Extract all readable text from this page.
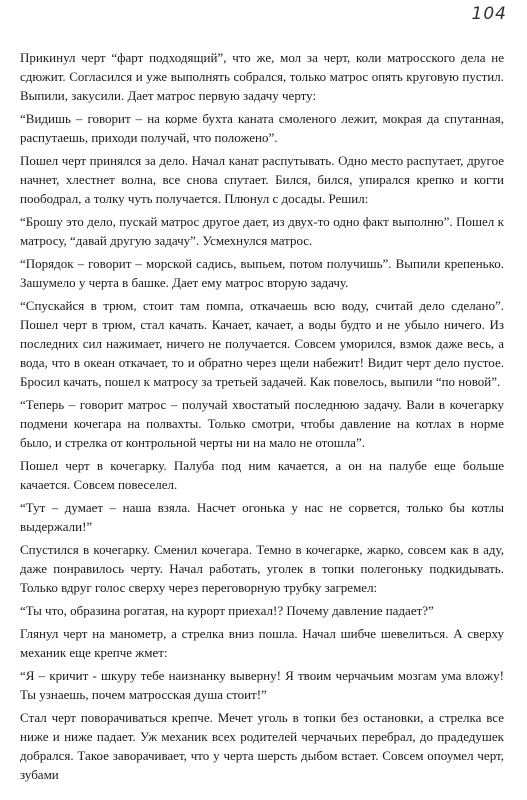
104

Прикинул черт “фарт подходящий”, что же, мол за черт, коли матросского дела не сдюжит. Согласился и уже выполнять собрался, только матрос опять круговую пустил. Выпили, закусили. Дает матрос первую задачу черту:

“Видишь – говорит – на корме бухта каната смоленого лежит, мокрая да спутанная, распутаешь, приходи получай, что положено”.

Пошел черт принялся за дело. Начал канат распутывать. Одно место распутает, другое начнет, хлестнет волна, все снова спутает. Бился, бился, упирался крепко и когти поободрал, а толку чуть получается. Плюнул с досады. Решил:

“Брошу это дело, пускай матрос другое дает, из двух-то одно факт выполню”. Пошел к матросу, “давай другую задачу”. Усмехнулся матрос.

“Порядок – говорит – морской садись, выпьем, потом получишь”. Выпили крепенько. Зашумело у черта в башке. Дает ему матрос вторую задачу.

“Спускайся в трюм, стоит там помпа, откачаешь всю воду, считай дело сделано”. Пошел черт в трюм, стал качать. Качает, качает, а воды будто и не убыло ничего. Из последних сил нажимает, ничего не получается. Совсем уморился, взмок даже весь, а вода, что в океан откачает, то и обратно через щели набежит! Видит черт дело пустое. Бросил качать, пошел к матросу за третьей задачей. Как повелось, выпили “по новой”.

“Теперь – говорит матрос – получай хвостатый последнюю задачу. Вали в кочегарку подмени кочегара на полвахты. Только смотри, чтобы давление на котлах в норме было, и стрелка от контрольной черты ни на мало не отошла”.

Пошел черт в кочегарку. Палуба под ним качается, а он на палубе еще больше качается. Совсем повеселел.

“Тут – думает – наша взяла. Насчет огонька у нас не сорвется, только бы котлы выдержали!”

Спустился в кочегарку. Сменил кочегара. Темно в кочегарке, жарко, совсем как в аду, даже понравилось черту. Начал работать, уголек в топки полегоньку подкидывать. Только вдруг голос сверху через переговорную трубку загремел:

“Ты что, образина рогатая, на курорт приехал!? Почему давление падает?”

Глянул черт на манометр, а стрелка вниз пошла. Начал шибче шевелиться. А сверху механик еще крепче жмет:

“Я – кричит - шкуру тебе наизнанку выверну! Я твоим черчачьим мозгам ума вложу! Ты узнаешь, почем матросская душа стоит!”

Стал черт поворачиваться крепче. Мечет уголь в топки без остановки, а стрелка все ниже и ниже падает. Уж механик всех родителей черчачьих перебрал, до прадедушек добрался. Такое заворачивает, что у черта шерсть дыбом встает. Совсем опоумел черт, зубами
